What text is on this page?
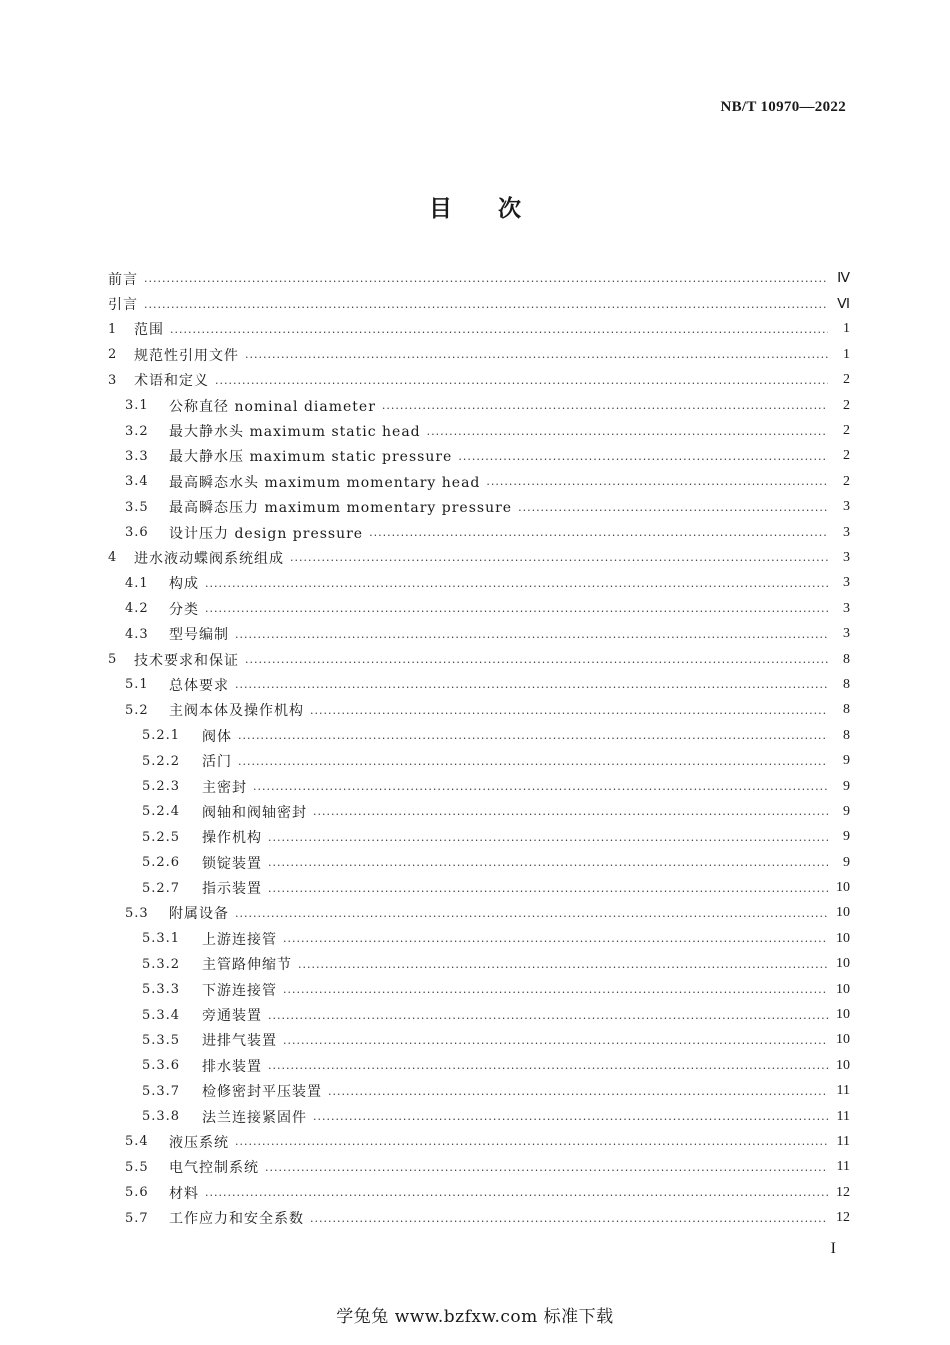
NB/T 10970—2022
目 次
前言 .....	Ⅳ
引言 .....	Ⅵ
1	范围 .....	1
2	规范性引用文件 .....	1
3	术语和定义 .....	2
3.1	公称直径 nominal diameter .....	2
3.2	最大静水头 maximum static head .....	2
3.3	最大静水压 maximum static pressure .....	2
3.4	最高瞬态水头 maximum momentary head .....	2
3.5	最高瞬态压力 maximum momentary pressure .....	3
3.6	设计压力 design pressure .....	3
4	进水液动蝶阀系统组成 .....	3
4.1	构成 .....	3
4.2	分类 .....	3
4.3	型号编制 .....	3
5	技术要求和保证 .....	8
5.1	总体要求 .....	8
5.2	主阀本体及操作机构 .....	8
5.2.1	阀体 .....	8
5.2.2	活门 .....	9
5.2.3	主密封 .....	9
5.2.4	阀轴和阀轴密封 .....	9
5.2.5	操作机构 .....	9
5.2.6	锁锭装置 .....	9
5.2.7	指示装置 .....	10
5.3	附属设备 .....	10
5.3.1	上游连接管 .....	10
5.3.2	主管路伸缩节 .....	10
5.3.3	下游连接管 .....	10
5.3.4	旁通装置 .....	10
5.3.5	进排气装置 .....	10
5.3.6	排水装置 .....	10
5.3.7	检修密封平压装置 .....	11
5.3.8	法兰连接紧固件 .....	11
5.4	液压系统 .....	11
5.5	电气控制系统 .....	11
5.6	材料 .....	12
5.7	工作应力和安全系数 .....	12
I
学兔兔 www.bzfxw.com 标准下载
